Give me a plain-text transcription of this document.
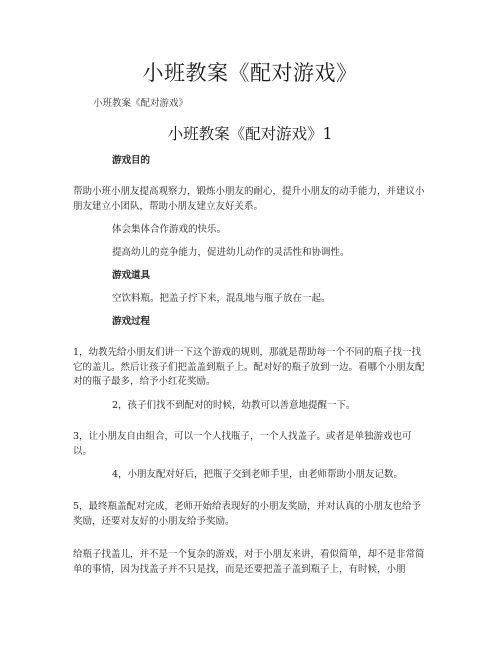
小班教案《配对游戏》
小班教案《配对游戏》
小班教案《配对游戏》1

游戏目的

帮助小班小朋友提高观察力，锻炼小朋友的耐心，提升小朋友的动手能力，并建议小朋友建立小团队，帮助小朋友建立友好关系。

体会集体合作游戏的快乐。

提高幼儿的竞争能力，促进幼儿动作的灵活性和协调性。

游戏道具

空饮料瓶。把盖子拧下来，混乱地与瓶子放在一起。

游戏过程

1，幼教先给小朋友们讲一下这个游戏的规则，那就是帮助每一个不同的瓶子找一找它的盖儿。然后让孩子们把盖盖到瓶子上。配对好的瓶子放到一边。看哪个小朋友配对的瓶子最多，给予小红花奖励。

2，孩子们找不到配对的时候，幼教可以善意地提醒一下。

3，让小朋友自由组合，可以一个人找瓶子，一个人找盖子。或者是单独游戏也可以。

4，小朋友配对好后，把瓶子交到老师手里，由老师帮助小朋友记数。

5，最终瓶盖配对完成，老师开始给表现好的小朋友奖励，并对认真的小朋友也给予奖励，还要对友好的小朋友给予奖励。

给瓶子找盖儿，并不是一个复杂的游戏，对于小朋友来讲，看似简单，却不是非常简单的事情，因为找盖子并不只是找，而是还要把盖子盖到瓶子上，有时候，小朋
